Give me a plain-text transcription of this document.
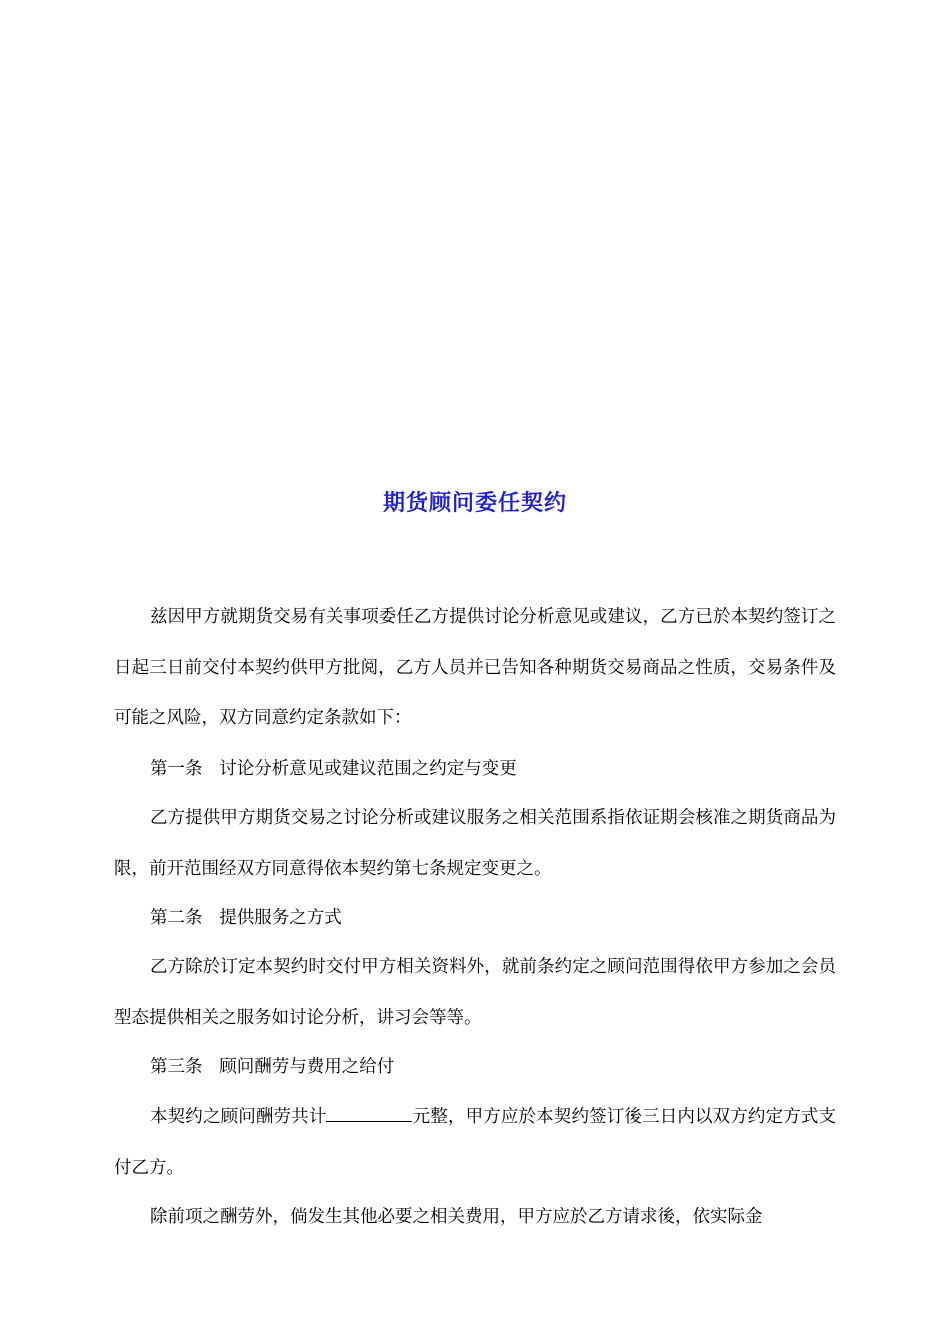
期货顾问委任契约

兹因甲方就期货交易有关事项委任乙方提供讨论分析意见或建议，乙方已於本契约签订之日起三日前交付本契约供甲方批阅，乙方人员并已告知各种期货交易商品之性质，交易条件及可能之风险，双方同意约定条款如下：

第一条 讨论分析意见或建议范围之约定与变更

乙方提供甲方期货交易之讨论分析或建议服务之相关范围系指依证期会核准之期货商品为限，前开范围经双方同意得依本契约第七条规定变更之。

第二条 提供服务之方式

乙方除於订定本契约时交付甲方相关资料外，就前条约定之顾问范围得依甲方参加之会员型态提供相关之服务如讨论分析，讲习会等等。

第三条 顾问酬劳与费用之给付

本契约之顾问酬劳共计	元整，甲方应於本契约签订後三日内以双方约定方式支付乙方。

除前项之酬劳外，倘发生其他必要之相关费用，甲方应於乙方请求後，依实际金
